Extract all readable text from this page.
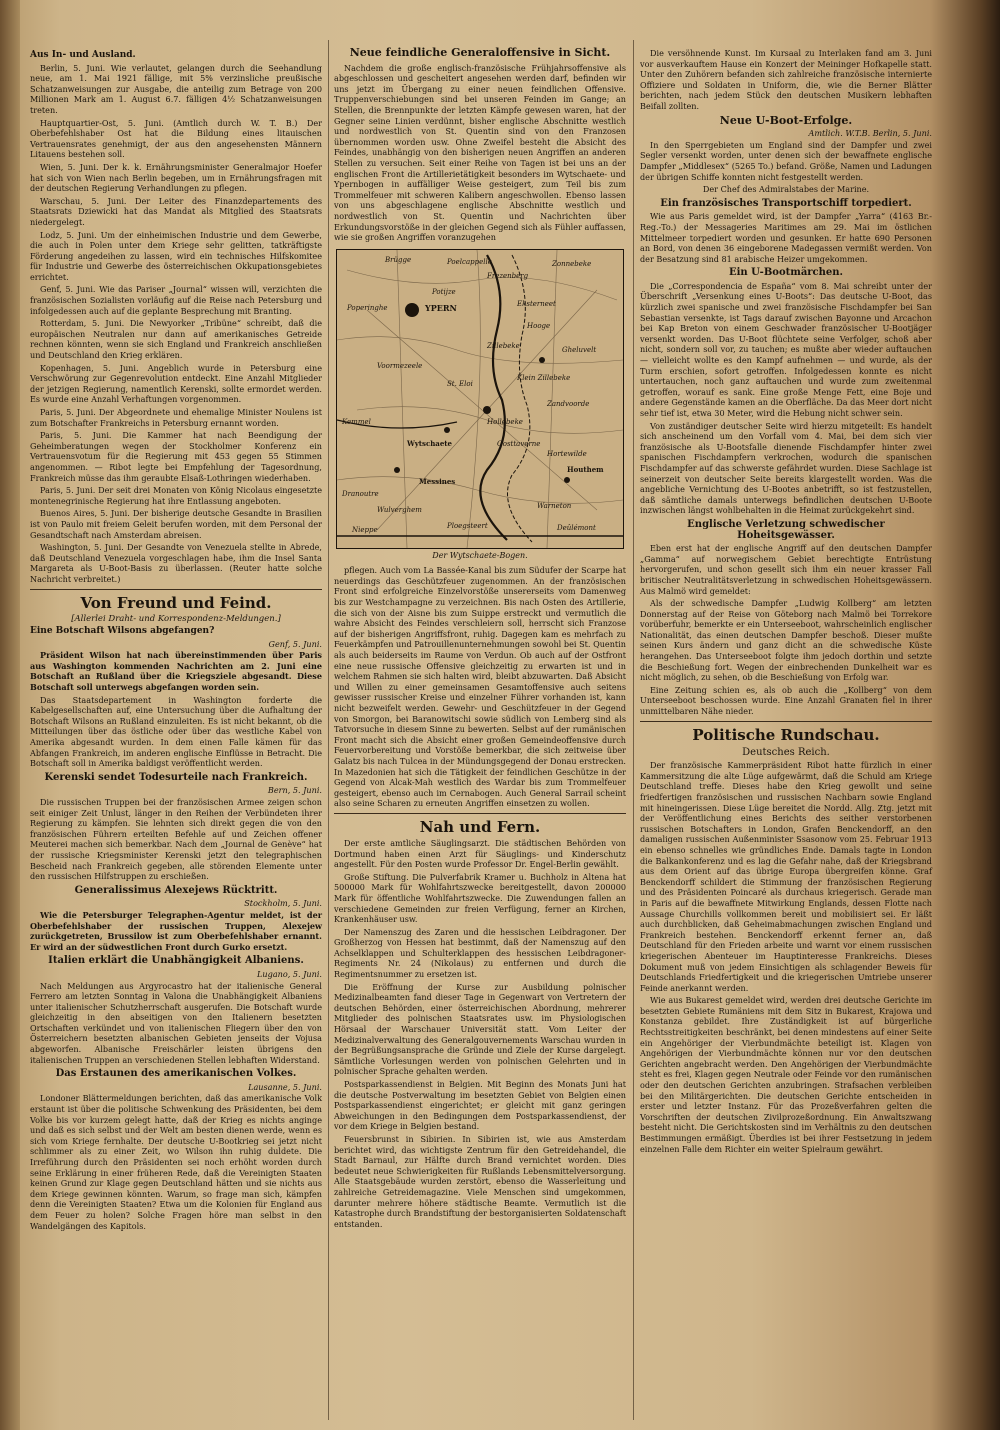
Aus In- und Ausland.

Berlin, 5. Juni. Wie verlautet, gelangen durch die Seehandlung neue, am 1. Mai 1921 fällige, mit 5% verzinsliche preußische Schatzanweisungen zur Ausgabe, die anteilig zum Betrage von 200 Millionen Mark am 1. August 6.7. fälligen 4½ Schatzanweisungen treten.

Hauptquartier-Ost, 5. Juni. (Amtlich durch W. T. B.) Der Oberbefehlshaber Ost hat die Bildung eines litauischen Vertrauensrates genehmigt, der aus den angesehensten Männern Litauens bestehen soll.

Wien, 5. Juni. Der k. k. Ernährungsminister Generalmajor Hoefer hat sich von Wien nach Berlin begeben, um in Ernährungsfragen mit der deutschen Regierung Verhandlungen zu pflegen.

Warschau, 5. Juni. Der Leiter des Finanzdepartements des Staatsrats Dziewicki hat das Mandat als Mitglied des Staatsrats niedergelegt.

Lodz, 5. Juni. Um der einheimischen Industrie und dem Gewerbe, die auch in Polen unter dem Kriege sehr gelitten, tatkräftigste Förderung angedeihen zu lassen, wird ein technisches Hilfskomitee für Industrie und Gewerbe des österreichischen Okkupationsgebietes errichtet.

Genf, 5. Juni. Wie das Pariser „Journal“ wissen will, verzichten die französischen Sozialisten vorläufig auf die Reise nach Petersburg und infolgedessen auch auf die geplante Besprechung mit Branting.

Rotterdam, 5. Juni. Die Newyorker „Tribüne“ schreibt, daß die europäischen Neutralen nur dann auf amerikanisches Getreide rechnen könnten, wenn sie sich England und Frankreich anschließen und Deutschland den Krieg erklären.

Kopenhagen, 5. Juni. Angeblich wurde in Petersburg eine Verschwörung zur Gegenrevolution entdeckt. Eine Anzahl Mitglieder der jetzigen Regierung, namentlich Kerenski, sollte ermordet werden. Es wurde eine Anzahl Verhaftungen vorgenommen.

Paris, 5. Juni. Der Abgeordnete und ehemalige Minister Noulens ist zum Botschafter Frankreichs in Petersburg ernannt worden.

Paris, 5. Juni. Die Kammer hat nach Beendigung der Geheimberatungen wegen der Stockholmer Konferenz ein Vertrauensvotum für die Regierung mit 453 gegen 55 Stimmen angenommen. — Ribot legte bei Empfehlung der Tagesordnung, Frankreich müsse das ihm geraubte Elsaß-Lothringen wiederhaben.

Paris, 5. Juni. Der seit drei Monaten von König Nicolaus eingesetzte montenegrinische Regierung hat ihre Entlassung angeboten.

Buenos Aires, 5. Juni. Der bisherige deutsche Gesandte in Brasilien ist von Paulo mit freiem Geleit berufen worden, mit dem Personal der Gesandtschaft nach Amsterdam abreisen.

Washington, 5. Juni. Der Gesandte von Venezuela stellte in Abrede, daß Deutschland Venezuela vorgeschlagen habe, ihm die Insel Santa Margareta als U-Boot-Basis zu überlassen. (Reuter hatte solche Nachricht verbreitet.)

Von Freund und Feind.
[Allerlei Draht- und Korrespondenz-Meldungen.]
Eine Botschaft Wilsons abgefangen?
Genf, 5. Juni.

Präsident Wilson hat nach übereinstimmenden über Paris aus Washington kommenden Nachrichten am 2. Juni eine Botschaft an Rußland über die Kriegsziele abgesandt. Diese Botschaft soll unterwegs abgefangen worden sein.

Das Staatsdepartement in Washington forderte die Kabelgesellschaften auf, eine Untersuchung über die Aufhaltung der Botschaft Wilsons an Rußland einzuleiten. Es ist nicht bekannt, ob die Mitteilungen über das östliche oder über das westliche Kabel von Amerika abgesandt wurden. In dem einen Falle kämen für das Abfangen Frankreich, im anderen englische Einflüsse in Betracht. Die Botschaft soll in Amerika baldigst veröffentlicht werden.

Kerenski sendet Todesurteile nach Frankreich.
Bern, 5. Juni.

Die russischen Truppen bei der französischen Armee zeigen schon seit einiger Zeit Unlust, länger in den Reihen der Verbündeten ihrer Regierung zu kämpfen. Sie lehnten sich direkt gegen die von den französischen Führern erteilten Befehle auf und Zeichen offener Meuterei machen sich bemerkbar. Nach dem „Journal de Genève“ hat der russische Kriegsminister Kerenski jetzt den telegraphischen Bescheid nach Frankreich gegeben, alle störenden Elemente unter den russischen Hilfstruppen zu erschießen.

Generalissimus Alexejews Rücktritt.
Stockholm, 5. Juni.

Wie die Petersburger Telegraphen-Agentur meldet, ist der Oberbefehlshaber der russischen Truppen, Alexejew zurückgetreten, Brussilow ist zum Oberbefehlshaber ernannt. Er wird an der südwestlichen Front durch Gurko ersetzt.

Italien erklärt die Unabhängigkeit Albaniens.
Lugano, 5. Juni.

Nach Meldungen aus Argyrocastro hat der italienische General Ferrero am letzten Sonntag in Valona die Unabhängigkeit Albaniens unter italienischer Schutzherrschaft ausgerufen. Die Botschaft wurde gleichzeitig in den abseitigen von den Italienern besetzten Ortschaften verkündet und von italienischen Fliegern über den von Österreichern besetzten albanischen Gebieten jenseits der Vojusa abgeworfen. Albanische Freischärler leisten übrigens den italienischen Truppen an verschiedenen Stellen lebhaften Widerstand.

Das Erstaunen des amerikanischen Volkes.
Lausanne, 5. Juni.

Londoner Blättermeldungen berichten, daß das amerikanische Volk erstaunt ist über die politische Schwenkung des Präsidenten, bei dem Volke bis vor kurzem gelegt hatte, daß der Krieg es nichts anginge und daß es sich selbst und der Welt am besten dienen werde, wenn es sich vom Kriege fernhalte. Der deutsche U-Bootkrieg sei jetzt nicht schlimmer als zu einer Zeit, wo Wilson ihn ruhig duldete. Die Irreführung durch den Präsidenten sei noch erhöht worden durch seine Erklärung in einer früheren Rede, daß die Vereinigten Staaten keinen Grund zur Klage gegen Deutschland hätten und sie nichts aus dem Kriege gewinnen könnten. Warum, so frage man sich, kämpfen denn die Vereinigten Staaten? Etwa um die Kolonien für England aus dem Feuer zu holen? Solche Fragen höre man selbst in den Wandelgängen des Kapitols.

Neue feindliche Generaloffensive in Sicht.

Nachdem die große englisch-französische Frühjahrsoffensive als abgeschlossen und gescheitert angesehen werden darf, befinden wir uns jetzt im Übergang zu einer neuen feindlichen Offensive. Truppenverschiebungen sind bei unseren Feinden im Gange; an Stellen, die Brennpunkte der letzten Kämpfe gewesen waren, hat der Gegner seine Linien verdünnt, bisher englische Abschnitte westlich und nordwestlich von St. Quentin sind von den Franzosen übernommen worden usw. Ohne Zweifel besteht die Absicht des Feindes, unabhängig von den bisherigen neuen Angriffen an anderen Stellen zu versuchen. Seit einer Reihe von Tagen ist bei uns an der englischen Front die Artillerietätigkeit besonders im Wytschaete- und Ypernbogen in auffälliger Weise gesteigert, zum Teil bis zum Trommelfeuer mit schweren Kalibern angeschwollen. Ebenso lassen von uns abgeschlagene englische Abschnitte westlich und nordwestlich von St. Quentin und Nachrichten über Erkundungsvorstöße in der gleichen Gegend sich als Fühler auffassen, wie sie großen Angriffen voranzugehen

Brügge	Poelcappelle	Zonnebeke
Frezenberg
Potijze
Poperinghe	YPERN	Eksterneet
Hooge
Zillebeke	Gheluvelt
Voormezeele
St. Eloi
Klein Zillebeke
Zandvoorde
Kemmel	Hollebeke
Wytschaete	Oosttaverne
Hortewilde
Houthem
Messines
Dranoutre
Wulverghem	Warneton
Nieppe	Ploegsteert	Deûlémont
Der Wytschaete-Bogen.

pflegen. Auch vom La Bassée-Kanal bis zum Südufer der Scarpe hat neuerdings das Geschützfeuer zugenommen. An der französischen Front sind erfolgreiche Einzelvorstöße unsererseits vom Damenweg bis zur Westchampagne zu verzeichnen. Bis nach Osten des Artillerie, die sich von der Aisne bis zum Suippe erstreckt und vermutlich die wahre Absicht des Feindes verschleiern soll, herrscht sich Franzose auf der bisherigen Angriffsfront, ruhig. Dagegen kam es mehrfach zu Feuerkämpfen und Patrouillenunternehmungen sowohl bei St. Quentin als auch beiderseits im Raume von Verdun. Ob auch auf der Ostfront eine neue russische Offensive gleichzeitig zu erwarten ist und in welchem Rahmen sie sich halten wird, bleibt abzuwarten. Daß Absicht und Willen zu einer gemeinsamen Gesamtoffensive auch seitens gewisser russischer Kreise und einzelner Führer vorhanden ist, kann nicht bezweifelt werden. Gewehr- und Geschützfeuer in der Gegend von Smorgon, bei Baranowitschi sowie südlich von Lemberg sind als Tatvorsuche in diesem Sinne zu bewerten. Selbst auf der rumänischen Front macht sich die Absicht einer großen Gemeindeoffensive durch Feuervorbereitung und Vorstöße bemerkbar, die sich zeitweise über Galatz bis nach Tulcea in der Mündungsgegend der Donau erstrecken. In Mazedonien hat sich die Tätigkeit der feindlichen Geschütze in der Gegend von Alcak-Mah westlich des Wardar bis zum Trommelfeuer gesteigert, ebenso auch im Cernabogen. Auch General Sarrail scheint also seine Scharen zu erneuten Angriffen einsetzen zu wollen.

Nah und Fern.

Der erste amtliche Säuglingsarzt. Die städtischen Behörden von Dortmund haben einen Arzt für Säuglings- und Kinderschutz angestellt. Für den Posten wurde Professor Dr. Engel-Berlin gewählt.

Große Stiftung. Die Pulverfabrik Kramer u. Buchholz in Altena hat 500000 Mark für Wohlfahrtszwecke bereitgestellt, davon 200000 Mark für öffentliche Wohlfahrtszwecke. Die Zuwendungen fallen an verschiedene Gemeinden zur freien Verfügung, ferner an Kirchen, Krankenhäuser usw.

Der Namenszug des Zaren und die hessischen Leibdragoner. Der Großherzog von Hessen hat bestimmt, daß der Namenszug auf den Achselklappen und Schulterklappen des hessischen Leibdragoner-Regiments Nr. 24 (Nikolaus) zu entfernen und durch die Regimentsnummer zu ersetzen ist.

Die Eröffnung der Kurse zur Ausbildung polnischer Medizinalbeamten fand dieser Tage in Gegenwart von Vertretern der deutschen Behörden, einer österreichischen Abordnung, mehrerer Mitglieder des polnischen Staatsrates usw. im Physiologischen Hörsaal der Warschauer Universität statt. Vom Leiter der Medizinalverwaltung des Generalgouvernements Warschau wurden in der Begrüßungsansprache die Gründe und Ziele der Kurse dargelegt. Sämtliche Vorlesungen werden von polnischen Gelehrten und in polnischer Sprache gehalten werden.

Postsparkassendienst in Belgien. Mit Beginn des Monats Juni hat die deutsche Postverwaltung im besetzten Gebiet von Belgien einen Postsparkassendienst eingerichtet; er gleicht mit ganz geringen Abweichungen in den Bedingungen dem Postsparkassendienst, der vor dem Kriege in Belgien bestand.

Feuersbrunst in Sibirien. In Sibirien ist, wie aus Amsterdam berichtet wird, das wichtigste Zentrum für den Getreidehandel, die Stadt Barnaul, zur Hälfte durch Brand vernichtet worden. Dies bedeutet neue Schwierigkeiten für Rußlands Lebensmittelversorgung. Alle Staatsgebäude wurden zerstört, ebenso die Wasserleitung und zahlreiche Getreidemagazine. Viele Menschen sind umgekommen, darunter mehrere höhere städtische Beamte. Vermutlich ist die Katastrophe durch Brandstiftung der bestorganisierten Soldatenschaft entstanden.

Die versöhnende Kunst. Im Kursaal zu Interlaken fand am 3. Juni vor ausverkauftem Hause ein Konzert der Meininger Hofkapelle statt. Unter den Zuhörern befanden sich zahlreiche französische internierte Offiziere und Soldaten in Uniform, die, wie die Berner Blätter berichten, nach jedem Stück den deutschen Musikern lebhaften Beifall zollten.

Neue U-Boot-Erfolge.
Amtlich. W.T.B. Berlin, 5. Juni.

In den Sperrgebieten um England sind der Dampfer und zwei Segler versenkt worden, unter denen sich der bewaffnete englische Dampfer „Middlesex“ (5265 To.) befand. Größe, Namen und Ladungen der übrigen Schiffe konnten nicht festgestellt werden.

Der Chef des Admiralstabes der Marine.
Ein französisches Transportschiff torpediert.

Wie aus Paris gemeldet wird, ist der Dampfer „Yarra“ (4163 Br.-Reg.-To.) der Messageries Maritimes am 29. Mai im östlichen Mittelmeer torpediert worden und gesunken. Er hatte 690 Personen an Bord, von denen 36 eingeborene Madegassen vermißt werden. Von der Besatzung sind 81 arabische Heizer umgekommen.

Ein U-Bootmärchen.

Die „Correspondencia de España“ vom 8. Mai schreibt unter der Überschrift „Versenkung eines U-Boots“: Das deutsche U-Boot, das kürzlich zwei spanische und zwei französische Fischdampfer bei San Sebastian versenkte, ist Tags darauf zwischen Bayonne und Arcachon bei Kap Breton von einem Geschwader französischer U-Bootjäger versenkt worden. Das U-Boot flüchtete seine Verfolger, schoß aber nicht, sondern soll vor, zu tauchen; es mußte aber wieder auftauchen — vielleicht wollte es den Kampf aufnehmen — und wurde, als der Turm erschien, sofort getroffen. Infolgedessen konnte es nicht untertauchen, noch ganz auftauchen und wurde zum zweitenmal getroffen, worauf es sank. Eine große Menge Fett, eine Boje und andere Gegenstände kamen an die Oberfläche. Da das Meer dort nicht sehr tief ist, etwa 30 Meter, wird die Hebung nicht schwer sein.

Von zuständiger deutscher Seite wird hierzu mitgeteilt: Es handelt sich anscheinend um den Vorfall vom 4. Mai, bei dem sich vier französische als U-Bootsfalle dienende Fischdampfer hinter zwei spanischen Fischdampfern verkrochen, wodurch die spanischen Fischdampfer auf das schwerste gefährdet wurden. Diese Sachlage ist seinerzeit von deutscher Seite bereits klargestellt worden. Was die angebliche Vernichtung des U-Bootes anbetrifft, so ist festzustellen, daß sämtliche damals unterwegs befindlichen deutschen U-Boote inzwischen längst wohlbehalten in die Heimat zurückgekehrt sind.

Englische Verletzung schwedischer Hoheitsgewässer.

Eben erst hat der englische Angriff auf den deutschen Dampfer „Gamma“ auf norwegischem Gebiet berechtigte Entrüstung hervorgerufen, und schon gesellt sich ihm ein neuer krasser Fall britischer Neutralitätsverletzung in schwedischen Hoheitsgewässern. Aus Malmö wird gemeldet:

Als der schwedische Dampfer „Ludwig Kollberg“ am letzten Donnerstag auf der Reise von Göteborg nach Malmö bei Torrekore vorüberfuhr, bemerkte er ein Unterseeboot, wahrscheinlich englischer Nationalität, das einen deutschen Dampfer beschoß. Dieser mußte seinen Kurs ändern und ganz dicht an die schwedische Küste herangehen. Das Unterseeboot folgte ihm jedoch dorthin und setzte die Beschießung fort. Wegen der einbrechenden Dunkelheit war es nicht möglich, zu sehen, ob die Beschießung von Erfolg war.

Eine Zeitung schien es, als ob auch die „Kollberg“ von dem Unterseeboot beschossen wurde. Eine Anzahl Granaten fiel in ihrer unmittelbaren Nähe nieder.

Politische Rundschau.
Deutsches Reich.

Der französische Kammerpräsident Ribot hatte fürzlich in einer Kammersitzung die alte Lüge aufgewärmt, daß die Schuld am Kriege Deutschland treffe. Dieses habe den Krieg gewollt und seine friedfertigen französischen und russischen Nachbarn sowie England mit hineingerissen. Diese Lüge bereitet die Nordd. Allg. Ztg. jetzt mit der Veröffentlichung eines Berichts des seither verstorbenen russischen Botschafters in London, Grafen Benckendorff, an den damaligen russischen Außenminister Ssasonow vom 25. Februar 1913 ein ebenso schnelles wie gründliches Ende. Damals tagte in London die Balkankonferenz und es lag die Gefahr nahe, daß der Kriegsbrand aus dem Orient auf das übrige Europa übergreifen könne. Graf Benckendorff schildert die Stimmung der französischen Regierung und des Präsidenten Poincaré als durchaus kriegerisch. Gerade man in Paris auf die bewaffnete Mitwirkung Englands, dessen Flotte nach Aussage Churchills vollkommen bereit und mobilisiert sei. Er läßt auch durchblicken, daß Geheimabmachungen zwischen England und Frankreich bestehen. Benckendorff erkennt ferner an, daß Deutschland für den Frieden arbeite und warnt vor einem russischen kriegerischen Abenteuer im Hauptinteresse Frankreichs. Dieses Dokument muß von jedem Einsichtigen als schlagender Beweis für Deutschlands Friedfertigkeit und die kriegerischen Umtriebe unserer Feinde anerkannt werden.

Wie aus Bukarest gemeldet wird, werden drei deutsche Gerichte im besetzten Gebiete Rumäniens mit dem Sitz in Bukarest, Krajowa und Konstanza gebildet. Ihre Zuständigkeit ist auf bürgerliche Rechtsstreitigkeiten beschränkt, bei denen mindestens auf einer Seite ein Angehöriger der Vierbundmächte beteiligt ist. Klagen von Angehörigen der Vierbundmächte können nur vor den deutschen Gerichten angebracht werden. Den Angehörigen der Vierbundmächte steht es frei, Klagen gegen Neutrale oder Feinde vor den rumänischen oder den deutschen Gerichten anzubringen. Strafsachen verbleiben bei den Militärgerichten. Die deutschen Gerichte entscheiden in erster und letzter Instanz. Für das Prozeßverfahren gelten die Vorschriften der deutschen Zivilprozeßordnung. Ein Anwaltszwang besteht nicht. Die Gerichtskosten sind im Verhältnis zu den deutschen Bestimmungen ermäßigt. Überdies ist bei ihrer Festsetzung in jedem einzelnen Falle dem Richter ein weiter Spielraum gewährt.
